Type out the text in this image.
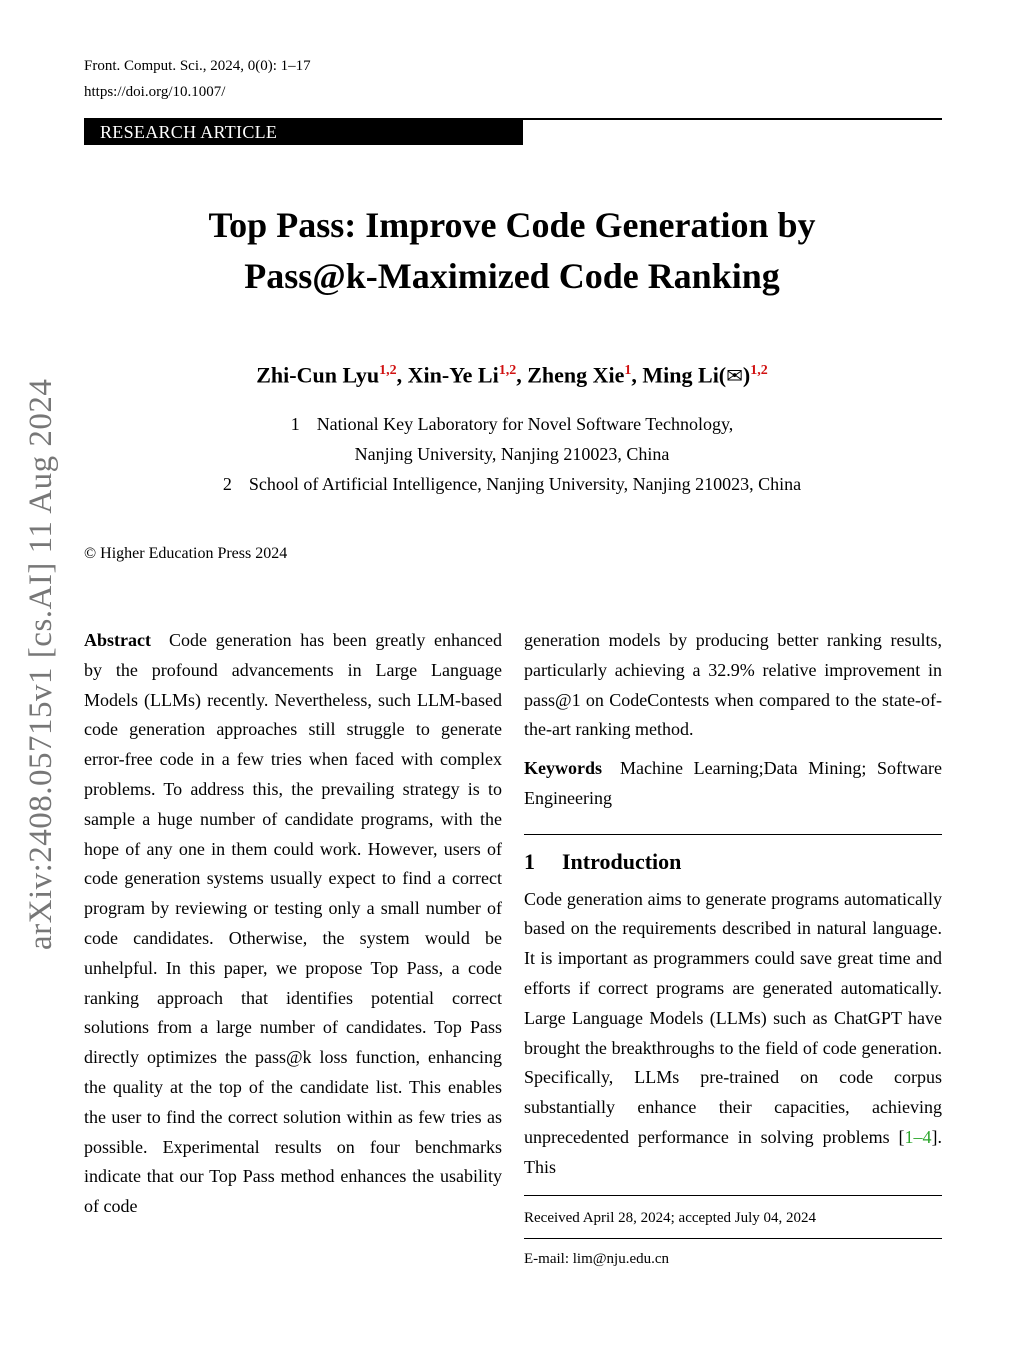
Front. Comput. Sci., 2024, 0(0): 1–17
https://doi.org/10.1007/
RESEARCH ARTICLE
Top Pass: Improve Code Generation by
Pass@k-Maximized Code Ranking
Zhi-Cun Lyu$^{1,2}$, Xin-Ye Li$^{1,2}$, Zheng Xie$^1$, Ming Li(✉)$^{1,2}$
1 National Key Laboratory for Novel Software Technology,
Nanjing University, Nanjing 210023, China
2 School of Artificial Intelligence, Nanjing University, Nanjing 210023, China
© Higher Education Press 2024
arXiv:2408.05715v1 [cs.AI] 11 Aug 2024 Abstract Code generation has been greatly enhanced by the profound advancements in Large Language Models (LLMs) recently. Nevertheless, such LLM-based code generation approaches still struggle to generate error-free code in a few tries when faced with complex problems. To address this, the prevailing strategy is to sample a huge number of candidate programs, with the hope of any one in them could work. However, users of code generation systems usually expect to find a correct program by reviewing or testing only a small number of code candidates. Otherwise, the system would be unhelpful. In this paper, we propose Top Pass, a code ranking approach that identifies potential correct solutions from a large number of candidates. Top Pass directly optimizes the pass@k loss function, enhancing the quality at the top of the candidate list. This enables the user to find the correct solution within as few tries as possible. Experimental results on four benchmarks indicate that our Top Pass method enhances the usability of code
generation models by producing better ranking results, particularly achieving a 32.9% relative improvement in pass@1 on CodeContests when compared to the state-of-the-art ranking method.
Keywords Machine Learning;Data Mining; Software Engineering
1 Introduction
Code generation aims to generate programs automatically based on the requirements described in natural language. It is important as programmers could save great time and efforts if correct programs are generated automatically. Large Language Models (LLMs) such as ChatGPT have brought the breakthroughs to the field of code generation. Specifically, LLMs pre-trained on code corpus substantially enhance their capacities, achieving unprecedented performance in solving problems [1–4]. This
Received April 28, 2024; accepted July 04, 2024
E-mail: lim@nju.edu.cn
